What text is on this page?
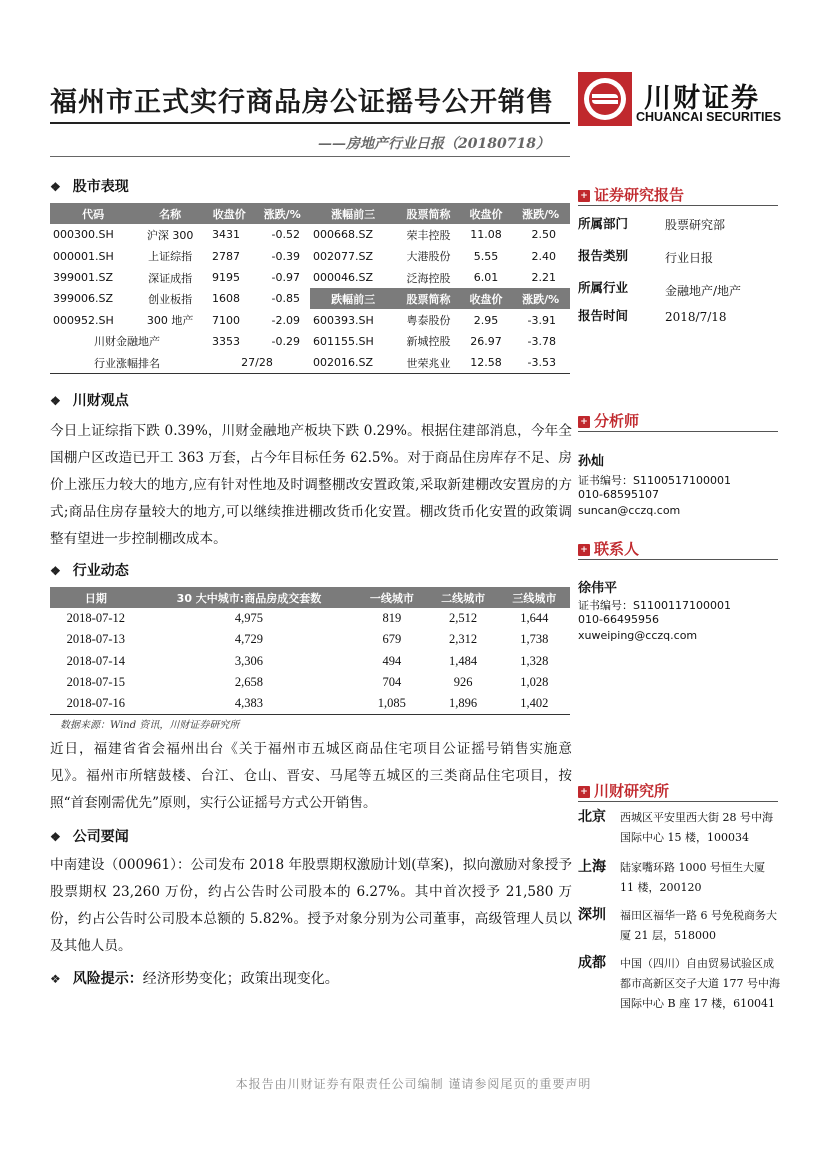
福州市正式实行商品房公证摇号公开销售
——房地产行业日报（20180718）
川财证券
CHUANCAI SECURITIES
❖ 股市表现
代码	名称	收盘价	涨跌/%	涨幅前三	股票简称	收盘价	涨跌/%
000300.SH	沪深 300	3431	-0.52	000668.SZ	荣丰控股	11.08	2.50
000001.SH	上证综指	2787	-0.39	002077.SZ	大港股份	5.55	2.40
399001.SZ	深证成指	9195	-0.97	000046.SZ	泛海控股	6.01	2.21
399006.SZ	创业板指	1608	-0.85	跌幅前三	股票简称	收盘价	涨跌/%
000952.SH	300 地产	7100	-2.09	600393.SH	粤泰股份	2.95	-3.91
川财金融地产		3353	-0.29	601155.SH	新城控股	26.97	-3.78
行业涨幅排名		27/28		002016.SZ	世荣兆业	12.58	-3.53
❖ 川财观点
今日上证综指下跌 0.39%，川财金融地产板块下跌 0.29%。根据住建部消息，今年全国棚户区改造已开工 363 万套，占今年目标任务 62.5%。对于商品住房库存不足、房价上涨压力较大的地方,应有针对性地及时调整棚改安置政策,采取新建棚改安置房的方式;商品住房存量较大的地方,可以继续推进棚改货币化安置。棚改货币化安置的政策调整有望进一步控制棚改成本。
❖ 行业动态
日期	30 大中城市:商品房成交套数	一线城市	二线城市	三线城市
2018-07-12	4,975	819	2,512	1,644
2018-07-13	4,729	679	2,312	1,738
2018-07-14	3,306	494	1,484	1,328
2018-07-15	2,658	704	926	1,028
2018-07-16	4,383	1,085	1,896	1,402
数据来源：Wind 资讯，川财证券研究所
近日，福建省省会福州出台《关于福州市五城区商品住宅项目公证摇号销售实施意见》。福州市所辖鼓楼、台江、仓山、晋安、马尾等五城区的三类商品住宅项目，按照“首套刚需优先”原则，实行公证摇号方式公开销售。
❖ 公司要闻
中南建设（000961）：公司发布 2018 年股票期权激励计划(草案)，拟向激励对象授予股票期权 23,260 万份，约占公告时公司股本的 6.27%。其中首次授予 21,580 万份，约占公告时公司股本总额的 5.82%。授予对象分别为公司董事，高级管理人员以及其他人员。
❖ 风险提示：经济形势变化；政策出现变化。
+ 证券研究报告
所属部门	股票研究部
报告类别	行业日报
所属行业	金融地产/地产
报告时间	2018/7/18
+ 分析师
孙灿
证书编号：S1100517100001
010-68595107
suncan@cczq.com
+ 联系人
徐伟平
证书编号：S1100117100001
010-66495956
xuweiping@cczq.com
+ 川财研究所
北京 西城区平安里西大街 28 号中海国际中心 15 楼，100034
上海 陆家嘴环路 1000 号恒生大厦 11 楼，200120
深圳 福田区福华一路 6 号免税商务大厦 21 层，518000
成都 中国（四川）自由贸易试验区成都市高新区交子大道 177 号中海国际中心 B 座 17 楼，610041
本报告由川财证券有限责任公司编制 谨请参阅尾页的重要声明
